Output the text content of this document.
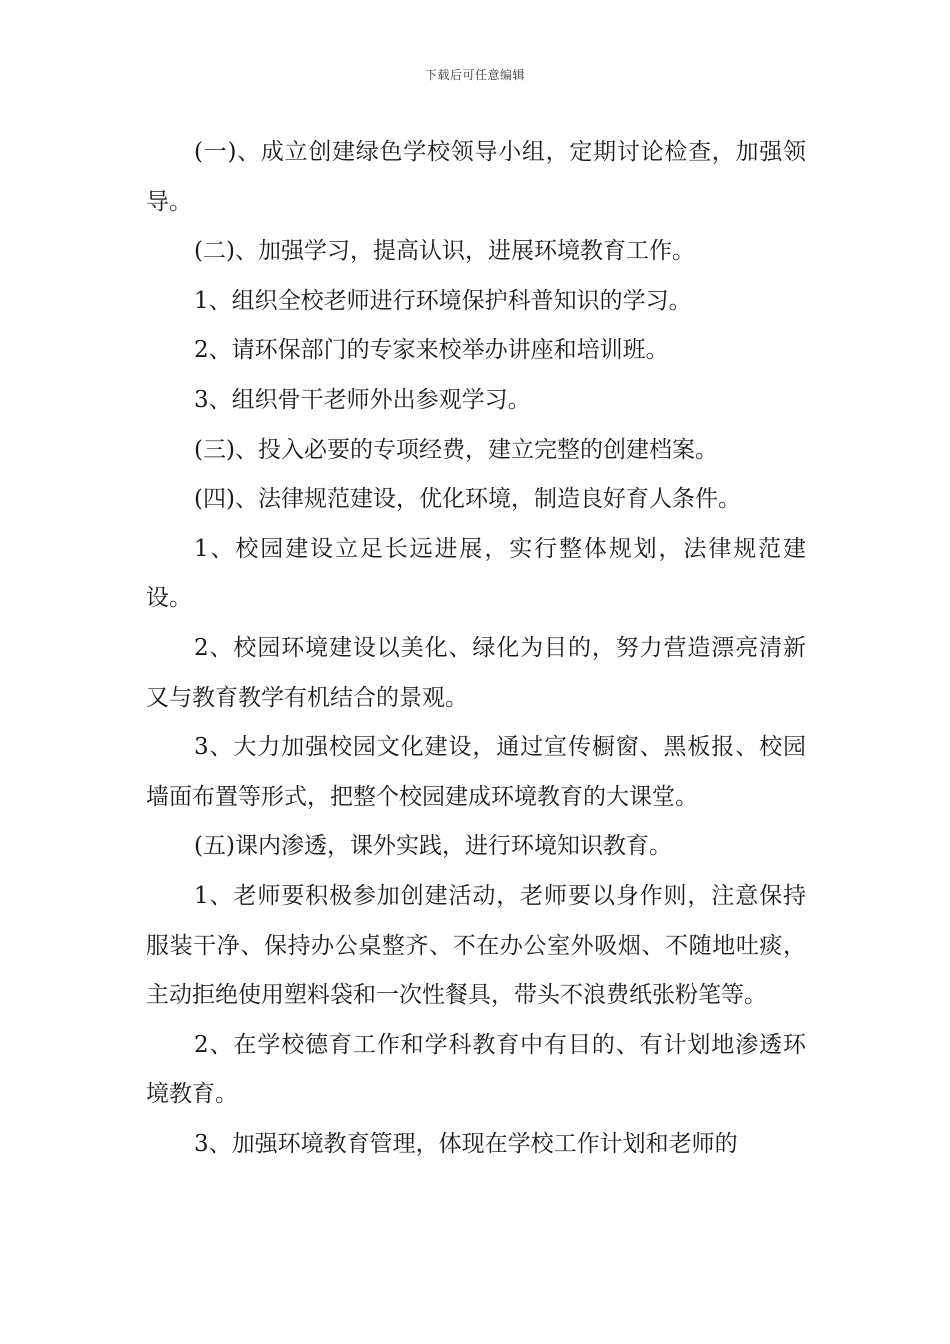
下载后可任意编辑

(一)、成立创建绿色学校领导小组，定期讨论检查，加强领导。

(二)、加强学习，提高认识，进展环境教育工作。

1、组织全校老师进行环境保护科普知识的学习。

2、请环保部门的专家来校举办讲座和培训班。

3、组织骨干老师外出参观学习。

(三)、投入必要的专项经费，建立完整的创建档案。

(四)、法律规范建设，优化环境，制造良好育人条件。

1、校园建设立足长远进展，实行整体规划，法律规范建设。

2、校园环境建设以美化、绿化为目的，努力营造漂亮清新又与教育教学有机结合的景观。

3、大力加强校园文化建设，通过宣传橱窗、黑板报、校园墙面布置等形式，把整个校园建成环境教育的大课堂。

(五)课内渗透，课外实践，进行环境知识教育。

1、老师要积极参加创建活动，老师要以身作则，注意保持服装干净、保持办公桌整齐、不在办公室外吸烟、不随地吐痰，主动拒绝使用塑料袋和一次性餐具，带头不浪费纸张粉笔等。

2、在学校德育工作和学科教育中有目的、有计划地渗透环境教育。

3、加强环境教育管理，体现在学校工作计划和老师的
